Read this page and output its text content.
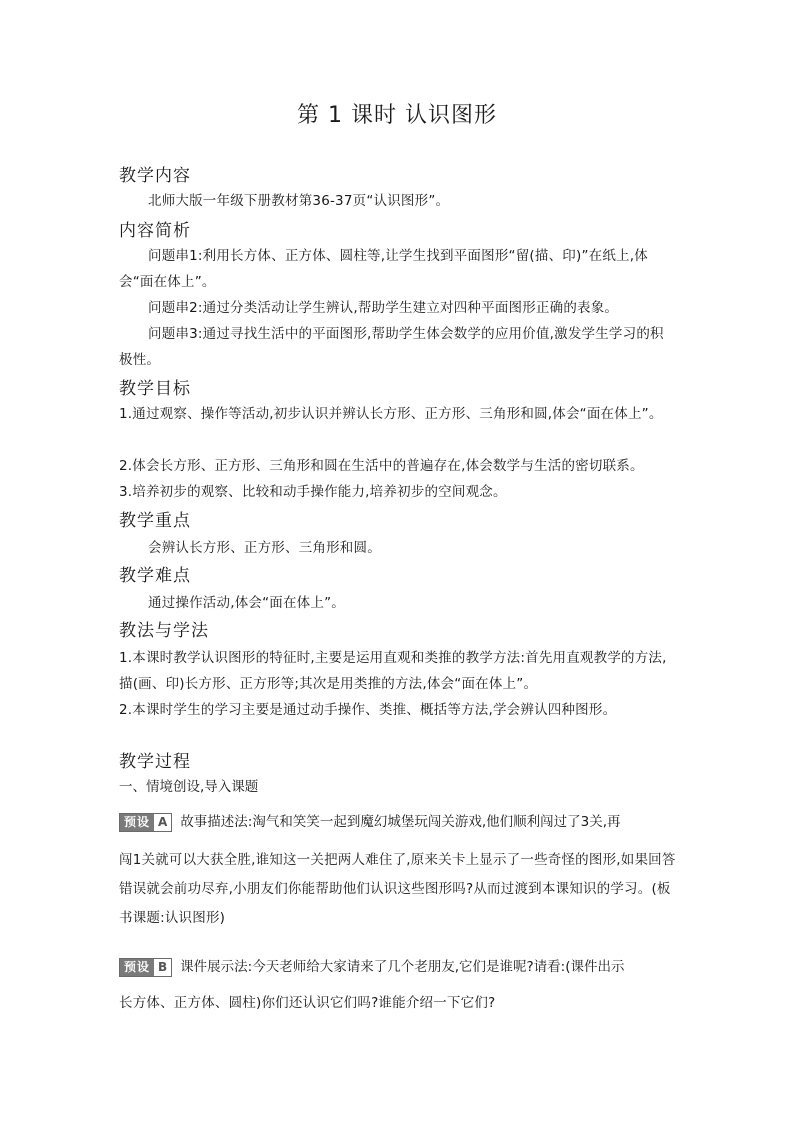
第 1 课时 认识图形
教学内容
北师大版一年级下册教材第36-37页“认识图形”。
内容简析
问题串1:利用长方体、正方体、圆柱等,让学生找到平面图形“留(描、印)”在纸上,体会“面在体上”。
问题串2:通过分类活动让学生辨认,帮助学生建立对四种平面图形正确的表象。
问题串3:通过寻找生活中的平面图形,帮助学生体会数学的应用价值,激发学生学习的积极性。
教学目标
1.通过观察、操作等活动,初步认识并辨认长方形、正方形、三角形和圆,体会“面在体上”。
2.体会长方形、正方形、三角形和圆在生活中的普遍存在,体会数学与生活的密切联系。
3.培养初步的观察、比较和动手操作能力,培养初步的空间观念。
教学重点
会辨认长方形、正方形、三角形和圆。
教学难点
通过操作活动,体会“面在体上”。
教法与学法
1.本课时教学认识图形的特征时,主要是运用直观和类推的教学方法:首先用直观教学的方法,描(画、印)长方形、正方形等;其次是用类推的方法,体会“面在体上”。
2.本课时学生的学习主要是通过动手操作、类推、概括等方法,学会辨认四种图形。
教学过程
一、情境创设,导入课题
预设 A 故事描述法:淘气和笑笑一起到魔幻城堡玩闯关游戏,他们顺利闯过了3关,再
闯1关就可以大获全胜,谁知这一关把两人难住了,原来关卡上显示了一些奇怪的图形,如果回答错误就会前功尽弃,小朋友们你能帮助他们认识这些图形吗?从而过渡到本课知识的学习。(板书课题:认识图形)
预设 B 课件展示法:今天老师给大家请来了几个老朋友,它们是谁呢?请看:(课件出示
长方体、正方体、圆柱)你们还认识它们吗?谁能介绍一下它们?
